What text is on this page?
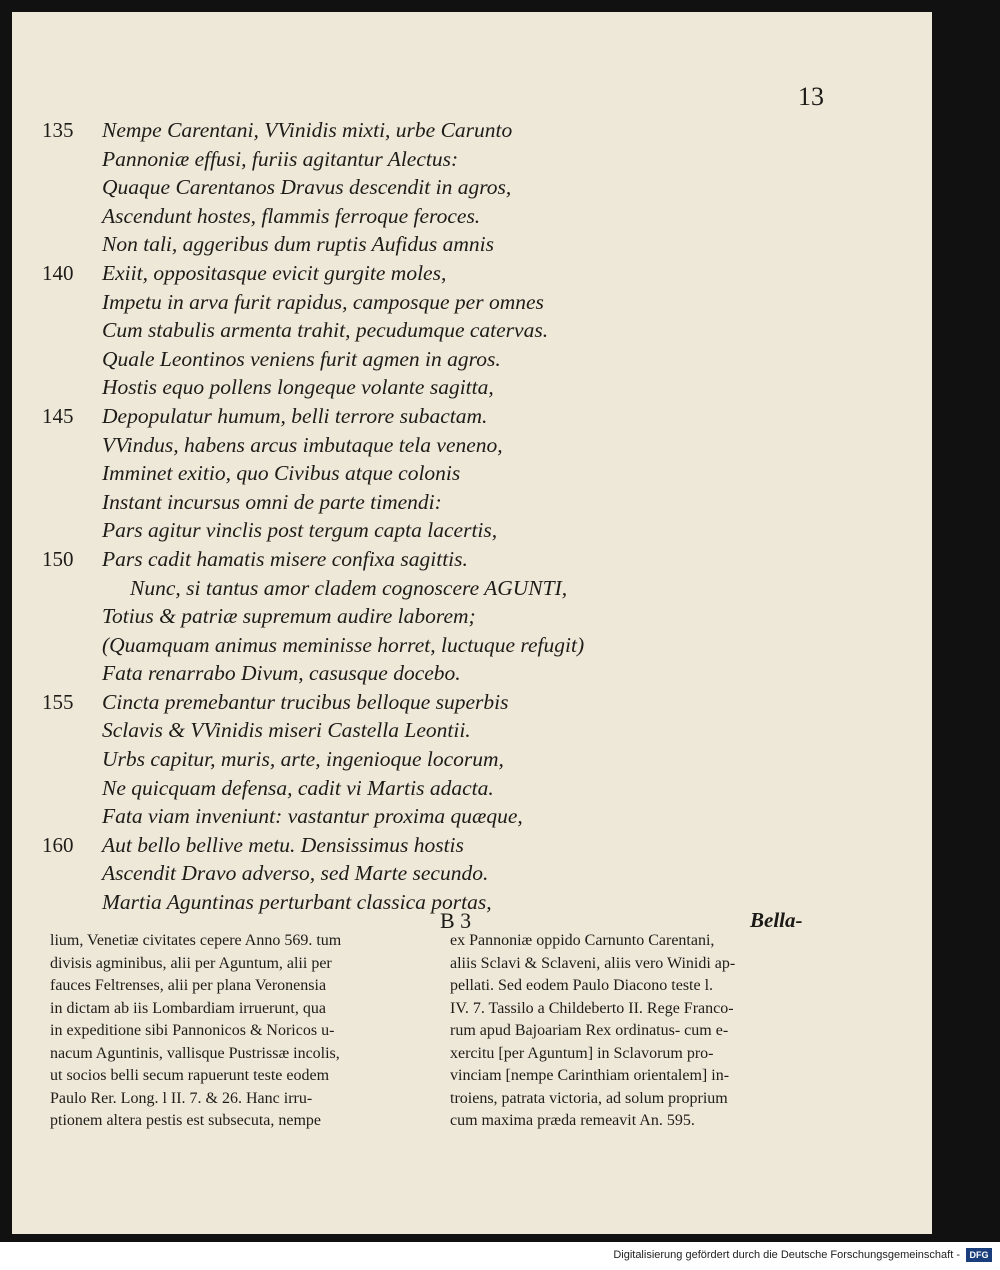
13
135 Nempe Carentani, VVinidis mixti, urbe Carunto
Pannoniæ effusi, furiis agitantur Alectus:
Quaque Carentanos Dravus descendit in agros,
Ascendunt hostes, flammis ferroque feroces.
Non tali, aggeribus dum ruptis Aufidus amnis
140 Exiit, oppositasque evicit gurgite moles,
Impetu in arva furit rapidus, camposque per omnes
Cum stabulis armenta trahit, pecudumque catervas.
Quale Leontinos veniens furit agmen in agros.
Hostis equo pollens longeque volante sagitta,
145 Depopulatur humum, belli terrore subactam.
VVindus, habens arcus imbutaque tela veneno,
Imminet exitio, quo Civibus atque colonis
Instant incursus omni de parte timendi:
Pars agitur vinclis post tergum capta lacertis,
150 Pars cadit hamatis misere confixa sagittis.
Nunc, si tantus amor cladem cognoscere AGUNTI,
Totius & patriæ supremum audire laborem;
(Quamquam animus meminisse horret, luctuque refugit)
Fata renarrabo Divum, casusque docebo.
155 Cincta premebantur trucibus belloque superbis
Sclavis & VVinidis miseri Castella Leontii.
Urbs capitur, muris, arte, ingenioque locorum,
Ne quicquam defensa, cadit vi Martis adacta.
Fata viam inveniunt: vastantur proxima quæque,
160 Aut bello bellive metu. Densissimus hostis
Ascendit Dravo adverso, sed Marte secundo.
Martia Aguntinas perturbant classica portas,
B 3	Bella-
lium, Venetiæ civitates cepere Anno 569. tum
divisis agminibus, alii per Aguntum, alii per
fauces Feltrenses, alii per plana Veronensia
in dictam ab iis Lombardiam irruerunt, qua
in expeditione sibi Pannonicos & Noricos u-
nacum Aguntinis, vallisque Pustrissæ incolis,
ut socios belli secum rapuerunt teste eodem
Paulo Rer. Long. l II. 7. & 26. Hanc irru-
ptionem altera pestis est subsecuta, nempe
ex Pannoniæ oppido Carnunto Carentani,
aliis Sclavi & Sclaveni, aliis vero Winidi ap-
pellati. Sed eodem Paulo Diacono teste l.
IV. 7. Tassilo a Childeberto II. Rege Franco-
rum apud Bajoariam Rex ordinatus- cum e-
xercitu [per Aguntum] in Sclavorum pro-
vinciam [nempe Carinthiam orientalem] in-
troiens, patrata victoria, ad solum proprium
cum maxima præda remeavit An. 595.
Digitalisierung gefördert durch die Deutsche Forschungsgemeinschaft -	DFG
